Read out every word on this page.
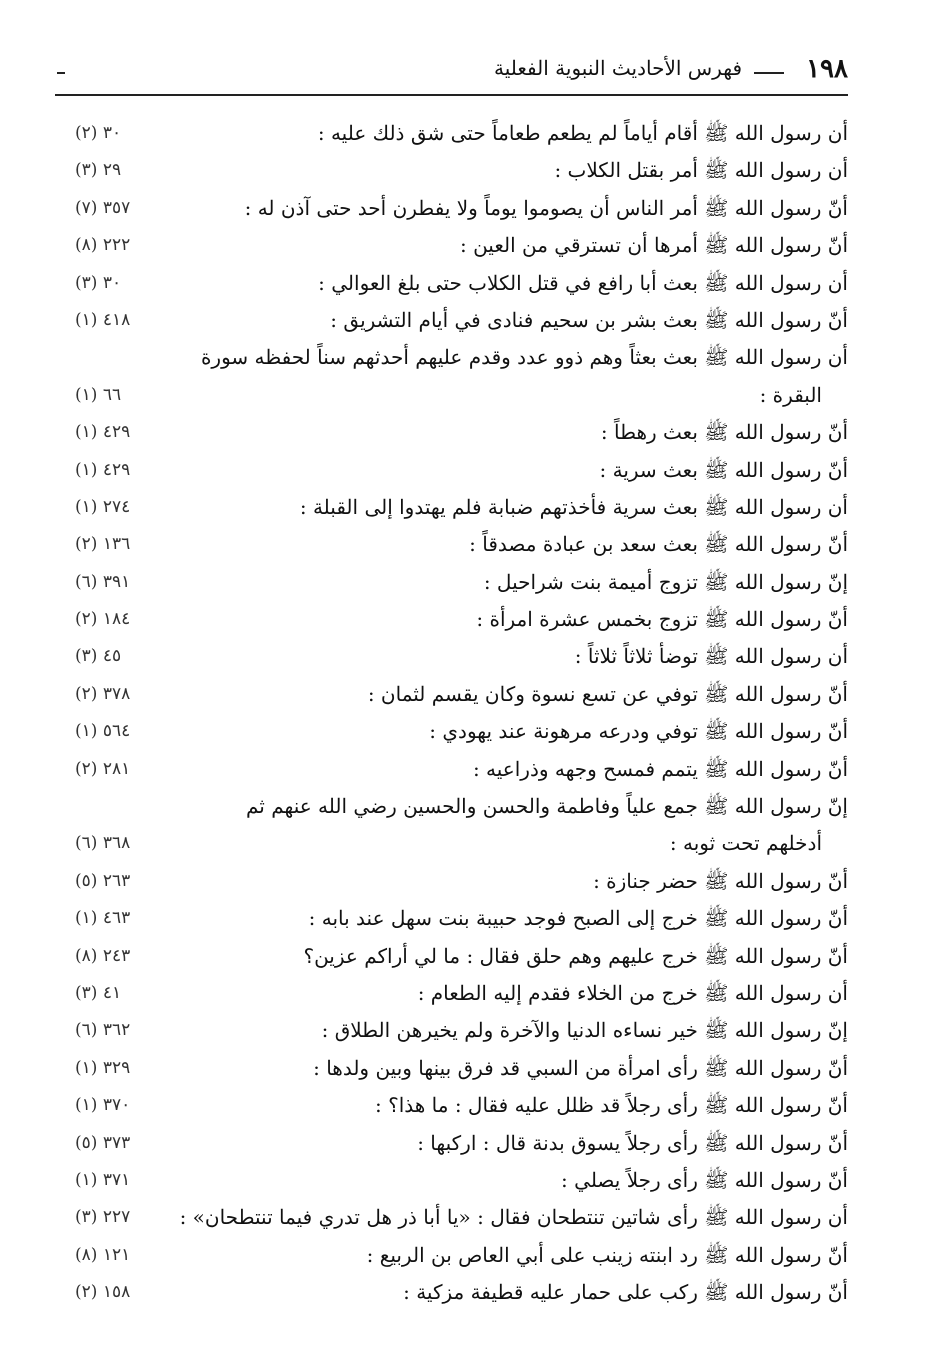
١٩٨
فهرس الأحاديث النبوية الفعلية
أن رسول الله ﷺ أقام أياماً لم يطعم طعاماً حتى شق ذلك عليه :
٣٠ (٢)
أن رسول الله ﷺ أمر بقتل الكلاب :
٢٩ (٣)
أنّ رسول الله ﷺ أمر الناس أن يصوموا يوماً ولا يفطرن أحد حتى آذن له :
٣٥٧ (٧)
أنّ رسول الله ﷺ أمرها أن تسترقي من العين :
٢٢٢ (٨)
أن رسول الله ﷺ بعث أبا رافع في قتل الكلاب حتى بلغ العوالي :
٣٠ (٣)
أنّ رسول الله ﷺ بعث بشر بن سحيم فنادى في أيام التشريق :
٤١٨ (١)
أن رسول الله ﷺ بعث بعثاً وهم ذوو عدد وقدم عليهم أحدثهم سناً لحفظه سورة
البقرة :
٦٦ (١)
أنّ رسول الله ﷺ بعث رهطاً :
٤٢٩ (١)
أنّ رسول الله ﷺ بعث سرية :
٤٢٩ (١)
أن رسول الله ﷺ بعث سرية فأخذتهم ضبابة فلم يهتدوا إلى القبلة :
٢٧٤ (١)
أنّ رسول الله ﷺ بعث سعد بن عبادة مصدقاً :
١٣٦ (٢)
إنّ رسول الله ﷺ تزوج أميمة بنت شراحيل :
٣٩١ (٦)
أنّ رسول الله ﷺ تزوج بخمس عشرة امرأة :
١٨٤ (٢)
أن رسول الله ﷺ توضأ ثلاثاً ثلاثاً :
٤٥ (٣)
أنّ رسول الله ﷺ توفي عن تسع نسوة وكان يقسم لثمان :
٣٧٨ (٢)
أنّ رسول الله ﷺ توفي ودرعه مرهونة عند يهودي :
٥٦٤ (١)
أنّ رسول الله ﷺ يتمم فمسح وجهه وذراعيه :
٢٨١ (٢)
إنّ رسول الله ﷺ جمع علياً وفاطمة والحسن والحسين رضي الله عنهم ثم
أدخلهم تحت ثوبه :
٣٦٨ (٦)
أنّ رسول الله ﷺ حضر جنازة :
٢٦٣ (٥)
أنّ رسول الله ﷺ خرج إلى الصبح فوجد حبيبة بنت سهل عند بابه :
٤٦٣ (١)
أنّ رسول الله ﷺ خرج عليهم وهم حلق فقال : ما لي أراكم عزين؟
٢٤٣ (٨)
أن رسول الله ﷺ خرج من الخلاء فقدم إليه الطعام :
٤١ (٣)
إنّ رسول الله ﷺ خير نساءه الدنيا والآخرة ولم يخيرهن الطلاق :
٣٦٢ (٦)
أنّ رسول الله ﷺ رأى امرأة من السبي قد فرق بينها وبين ولدها :
٣٢٩ (١)
أنّ رسول الله ﷺ رأى رجلاً قد ظلل عليه فقال : ما هذا؟ :
٣٧٠ (١)
أنّ رسول الله ﷺ رأى رجلاً يسوق بدنة قال : اركبها :
٣٧٣ (٥)
أنّ رسول الله ﷺ رأى رجلاً يصلي :
٣٧١ (١)
أن رسول الله ﷺ رأى شاتين تنتطحان فقال : «يا أبا ذر هل تدري فيما تنتطحان» :
٢٢٧ (٣)
أنّ رسول الله ﷺ رد ابنته زينب على أبي العاص بن الربيع :
١٢١ (٨)
أنّ رسول الله ﷺ ركب على حمار عليه قطيفة مزكية :
١٥٨ (٢)
